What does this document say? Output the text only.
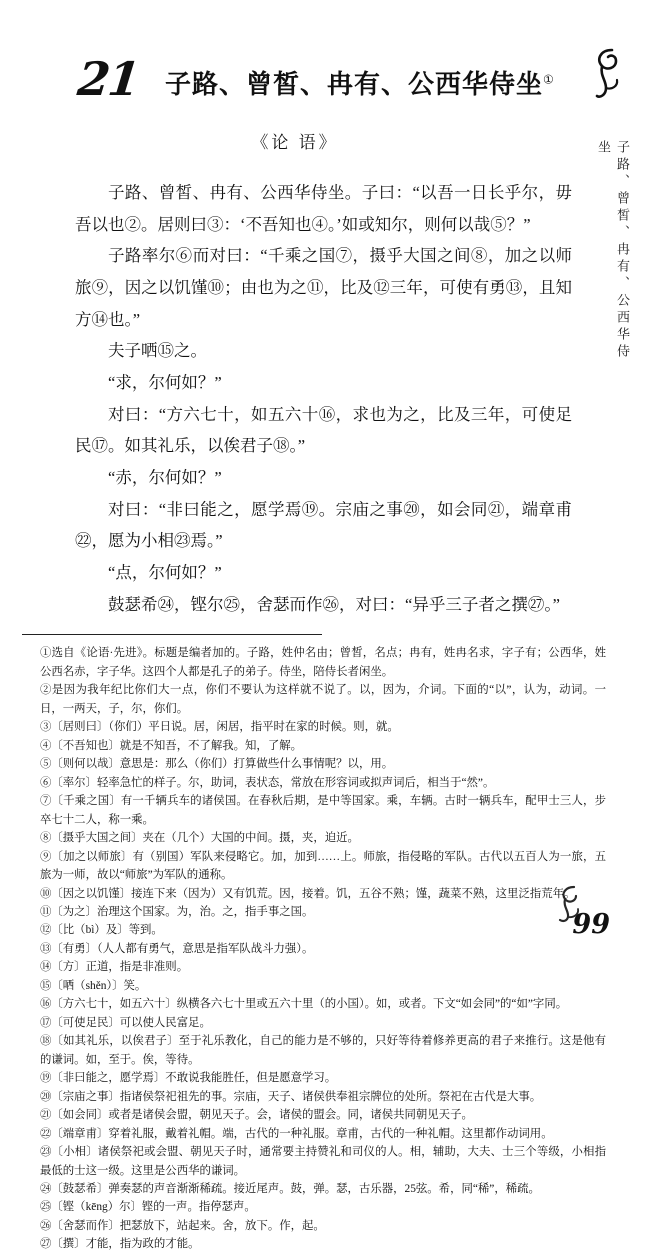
21 子路、曾皙、冉有、公西华侍坐①
子路、曾皙、冉有、公西华侍坐
《论 语》

子路、曾皙、冉有、公西华侍坐。子曰：“以吾一日长乎尔，毋吾以也②。居则曰③：‘不吾知也④。’如或知尔，则何以哉⑤？”

子路率尔⑥而对曰：“千乘之国⑦，摄乎大国之间⑧，加之以师旅⑨，因之以饥馑⑩；由也为之⑪，比及⑫三年，可使有勇⑬，且知方⑭也。”

夫子哂⑮之。

“求，尔何如？”

对曰：“方六七十，如五六十⑯，求也为之，比及三年，可使足民⑰。如其礼乐，以俟君子⑱。”

“赤，尔何如？”

对曰：“非曰能之，愿学焉⑲。宗庙之事⑳，如会同㉑，端章甫㉒，愿为小相㉓焉。”

“点，尔何如？”

鼓瑟希㉔，铿尔㉕，舍瑟而作㉖，对曰：“异乎三子者之撰㉗。”

①选自《论语·先进》。标题是编者加的。子路，姓仲名由；曾皙，名点；冉有，姓冉名求，字子有；公西华，姓公西名赤，字子华。这四个人都是孔子的弟子。侍坐，陪侍长者闲坐。

②是因为我年纪比你们大一点，你们不要认为这样就不说了。以，因为，介词。下面的“以”，认为，动词。一日，一两天，子，尔，你们。

③〔居则曰〕（你们）平日说。居，闲居，指平时在家的时候。则，就。

④〔不吾知也〕就是不知吾，不了解我。知，了解。

⑤〔则何以哉〕意思是：那么（你们）打算做些什么事情呢？以，用。

⑥〔率尔〕轻率急忙的样子。尔，助词，表状态，常放在形容词或拟声词后，相当于“然”。

⑦〔千乘之国〕有一千辆兵车的诸侯国。在春秋后期，是中等国家。乘，车辆。古时一辆兵车，配甲士三人，步卒七十二人，称一乘。

⑧〔摄乎大国之间〕夹在（几个）大国的中间。摄，夹，迫近。

⑨〔加之以师旅〕有（别国）军队来侵略它。加，加到……上。师旅，指侵略的军队。古代以五百人为一旅，五旅为一师，故以“师旅”为军队的通称。

⑩〔因之以饥馑〕接连下来（因为）又有饥荒。因，接着。饥，五谷不熟；馑，蔬菜不熟，这里泛指荒年。

⑪〔为之〕治理这个国家。为，治。之，指手事之国。

⑫〔比（bì）及〕等到。

⑬〔有勇〕（人人都有勇气，意思是指军队战斗力强）。

⑭〔方〕正道，指是非准则。

⑮〔哂（shěn）〕笑。

⑯〔方六七十，如五六十〕纵横各六七十里或五六十里（的小国）。如，或者。下文“如会同”的“如”字同。

⑰〔可使足民〕可以使人民富足。

⑱〔如其礼乐，以俟君子〕至于礼乐教化，自己的能力是不够的，只好等待着修养更高的君子来推行。这是他有的谦词。如，至于。俟，等待。

⑲〔非曰能之，愿学焉〕不敢说我能胜任，但是愿意学习。

⑳〔宗庙之事〕指诸侯祭祀祖先的事。宗庙，天子、诸侯供奉祖宗牌位的处所。祭祀在古代是大事。

㉑〔如会同〕或者是诸侯会盟，朝见天子。会，诸侯的盟会。同，诸侯共同朝见天子。

㉒〔端章甫〕穿着礼服，戴着礼帽。端，古代的一种礼服。章甫，古代的一种礼帽。这里都作动词用。

㉓〔小相〕诸侯祭祀或会盟、朝见天子时，通常要主持赞礼和司仪的人。相，辅助，大夫、士三个等级，小相指最低的士这一级。这里是公西华的谦词。

㉔〔鼓瑟希〕弹奏瑟的声音渐渐稀疏。接近尾声。鼓，弹。瑟，古乐器，25弦。希，同“稀”，稀疏。

㉕〔铿（kēng）尔〕铿的一声。指停瑟声。

㉖〔舍瑟而作〕把瑟放下，站起来。舍，放下。作，起。

㉗〔撰〕才能，指为政的才能。

99
